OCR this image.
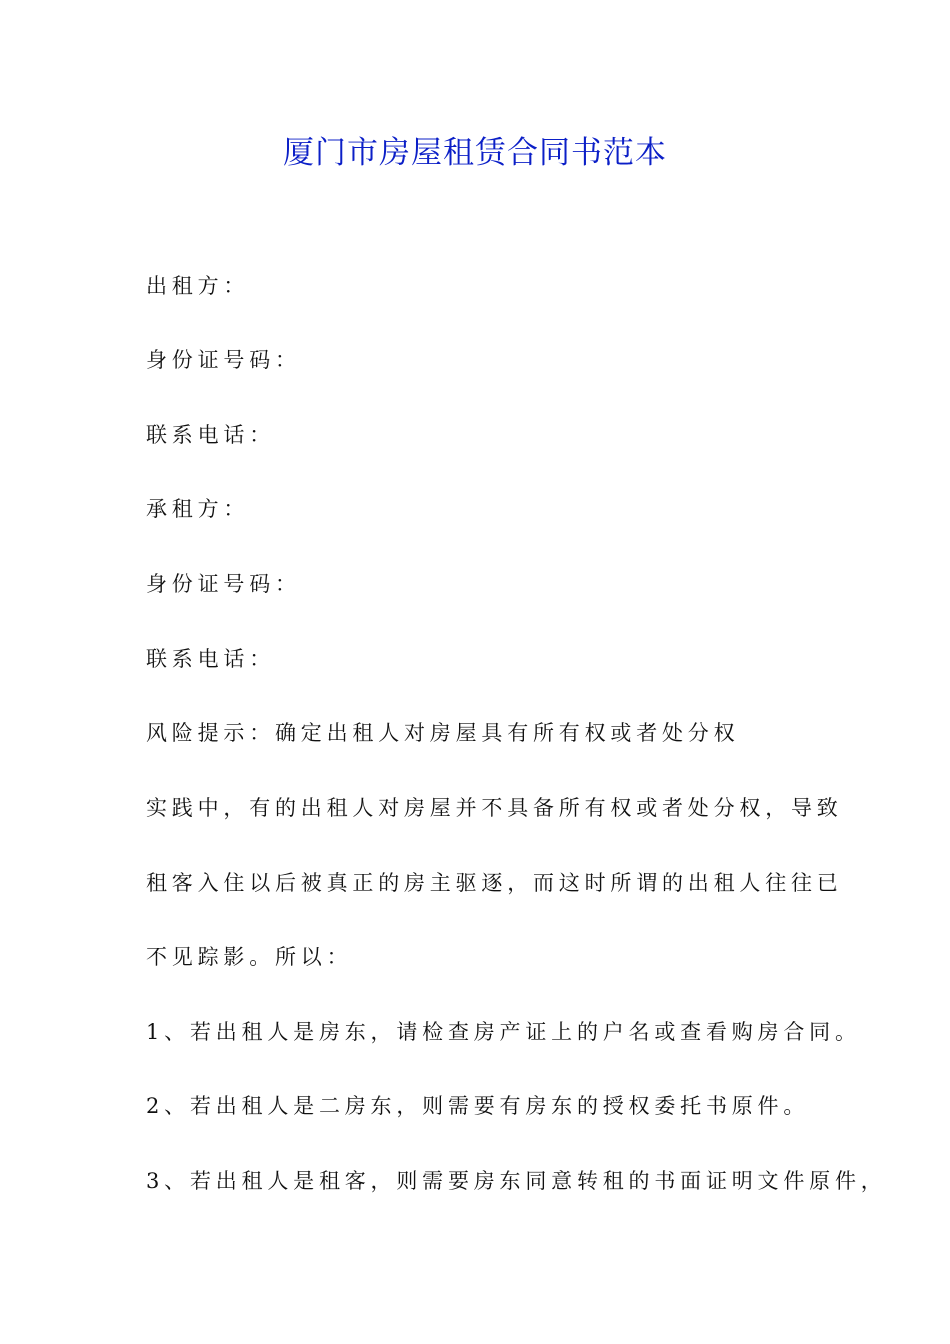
厦门市房屋租赁合同书范本

出租方：

身份证号码：

联系电话：

承租方：

身份证号码：

联系电话：

风险提示：确定出租人对房屋具有所有权或者处分权

实践中，有的出租人对房屋并不具备所有权或者处分权，导致

租客入住以后被真正的房主驱逐，而这时所谓的出租人往往已

不见踪影。所以：

1、若出租人是房东，请检查房产证上的户名或查看购房合同。

2、若出租人是二房东，则需要有房东的授权委托书原件。

3、若出租人是租客，则需要房东同意转租的书面证明文件原件，
